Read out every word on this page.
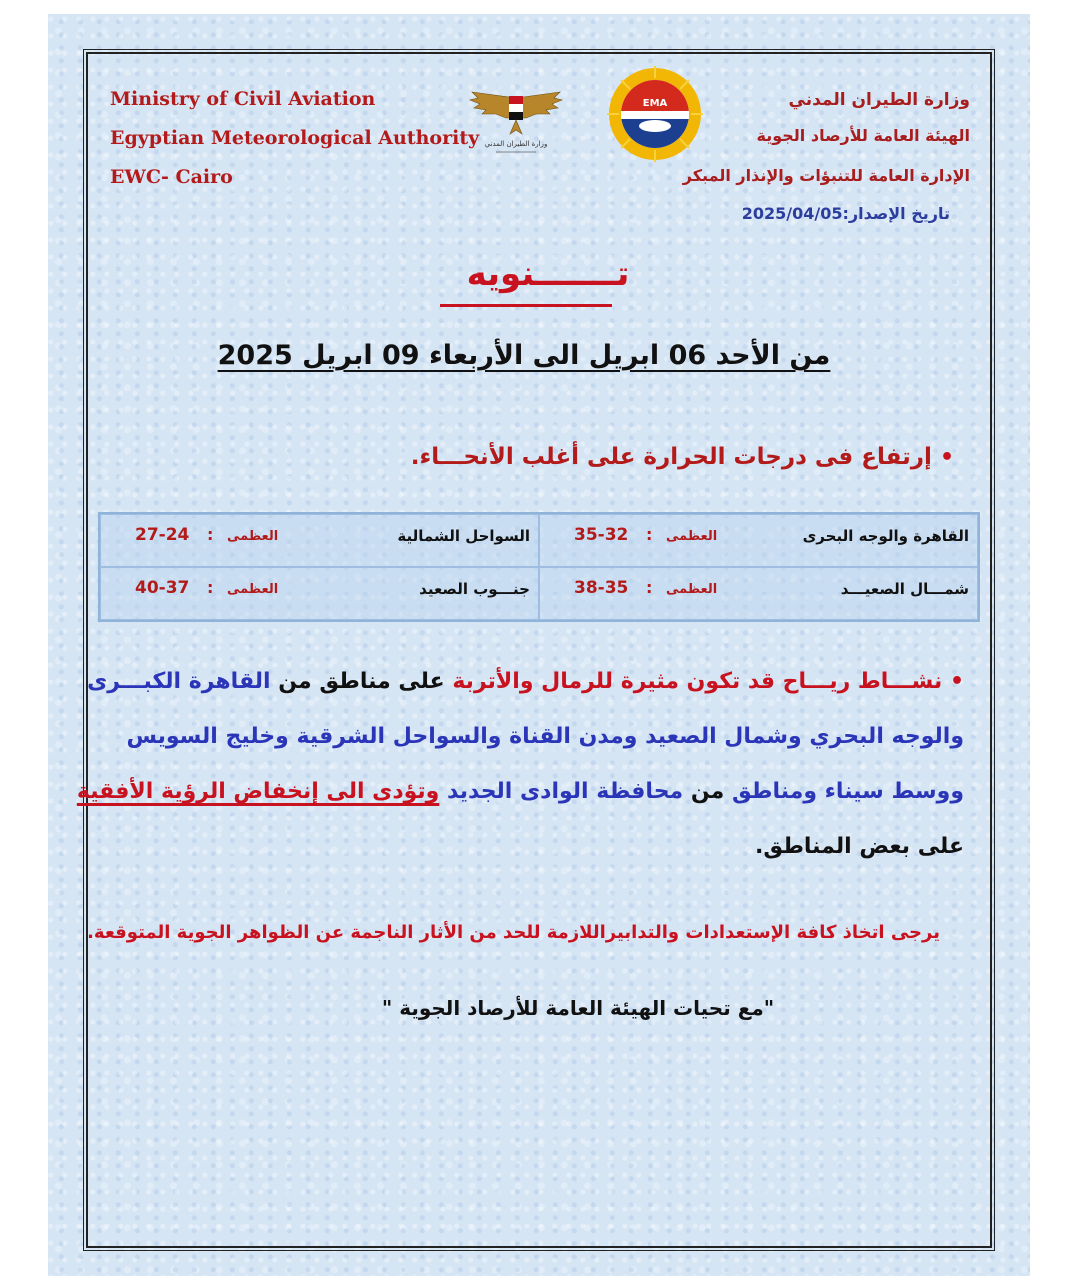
Ministry of Civil Aviation
Egyptian Meteorological Authority
EWC- Cairo
وزارة الطيران المدني
EMA	وزارة الطيران المدني
الهيئة العامة للأرصاد الجوية
الإدارة العامة للتنبؤات والإنذار المبكر
تاريخ الإصدار:2025/04/05
تـــــــنويه
من الأحد 06 ابريل الى الأربعاء 09 ابريل 2025
• إرتفاع فى درجات الحرارة على أغلب الأنحـــاء.
القاهرة والوجه البحرى
العظمى
:
35-32
السواحل الشمالية
العظمى
:
27-24
شمـــال الصعيـــد
العظمى
:
38-35
جنـــوب الصعيد
العظمى
:
40-37
• نشـــاط ريـــاح قد تكون مثيرة للرمال والأتربة على مناطق من القاهرة الكبـــرى
والوجه البحري وشمال الصعيد ومدن القناة والسواحل الشرقية وخليج السويس
ووسط سيناء ومناطق من محافظة الوادى الجديد وتؤدى الى إنخفاض الرؤية الأفقية
على بعض المناطق.
يرجى اتخاذ كافة الإستعدادات والتدابيراللازمة للحد من الأثار الناجمة عن الظواهر الجوية المتوقعة.
"مع تحيات الهيئة العامة للأرصاد الجوية "
